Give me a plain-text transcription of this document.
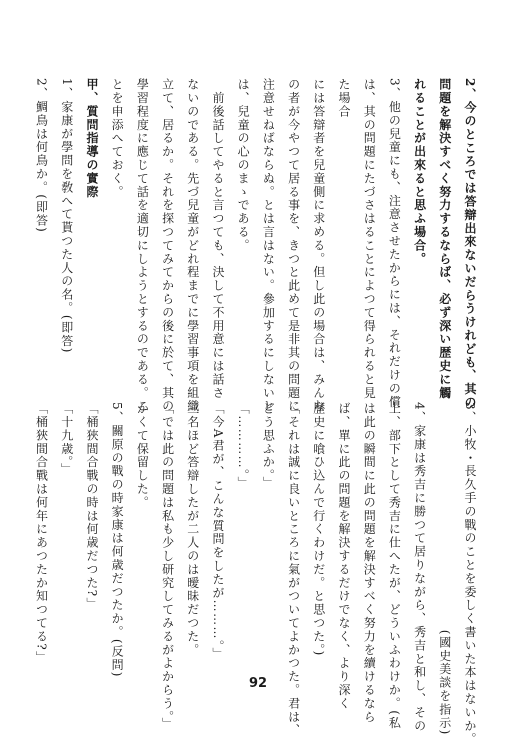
2、今のところでは答辯出來ないだらうけれども、其の
問題を解決すべく努力するならば、必ず深い歴史に觸
れることが出來ると思ふ場合。
3、他の兒童にも、注意させたからには、それだけの償
は、其の問題にたづさはることによつて得られると見
た場合
には答辯者を兒童側に求める。但し此の場合は、みんな
の者が今やつて居る事を、きつと此めて是非其の問題に
注意せねばならぬ。とは言はない。參加するにしないと
は、兒童の心のまゝである。
　前後話してやると言つても、決して不用意には話さ
ないのである。先づ兒童がどれ程までに學習事項を組織
立て、居るか。それを探つてみてからの後に於て、其の
學習程度に應じて話を適切にしようとするのである。こ
とを申添へておく。
甲、質問指導の實際
1、家康が學問を敎へて貰つた人の名。(即答)
2、鯛鳥は何鳥か。(即答)
3、小牧・長久手の戰のことを委しく書いた本はないか。
　　　　　　　　　　　　　　　　　(國史美談を指示)
4、家康は秀吉に勝つて居りながら、秀吉と和し、その
上、部下として秀吉に仕へたが、どういふわけか。(私
は此の瞬間に此の問題を解決すべく努力を續けるなら
ば、單に此の問題を解決するだけでなく、より深く
歴史に喰ひ込んで行くわけだ。と思つた。)
「それは誠に良いところに氣がついてよかつた。君は、
どう思ふか。」
「…………。」
「今A君が、こんな質問をしたが………。」
三名ほど答辯したが二人のは曖昧だつた。
「では此の問題は私も少し研究してみるがよからう。」
かくて保留した。
5、關原の戰の時家康は何歳だつたか。(反問)
「桶狹間合戰の時は何歳だつた?」
「十九歳。」
「桶狹間合戰は何年にあつたか知つてる?」
92
